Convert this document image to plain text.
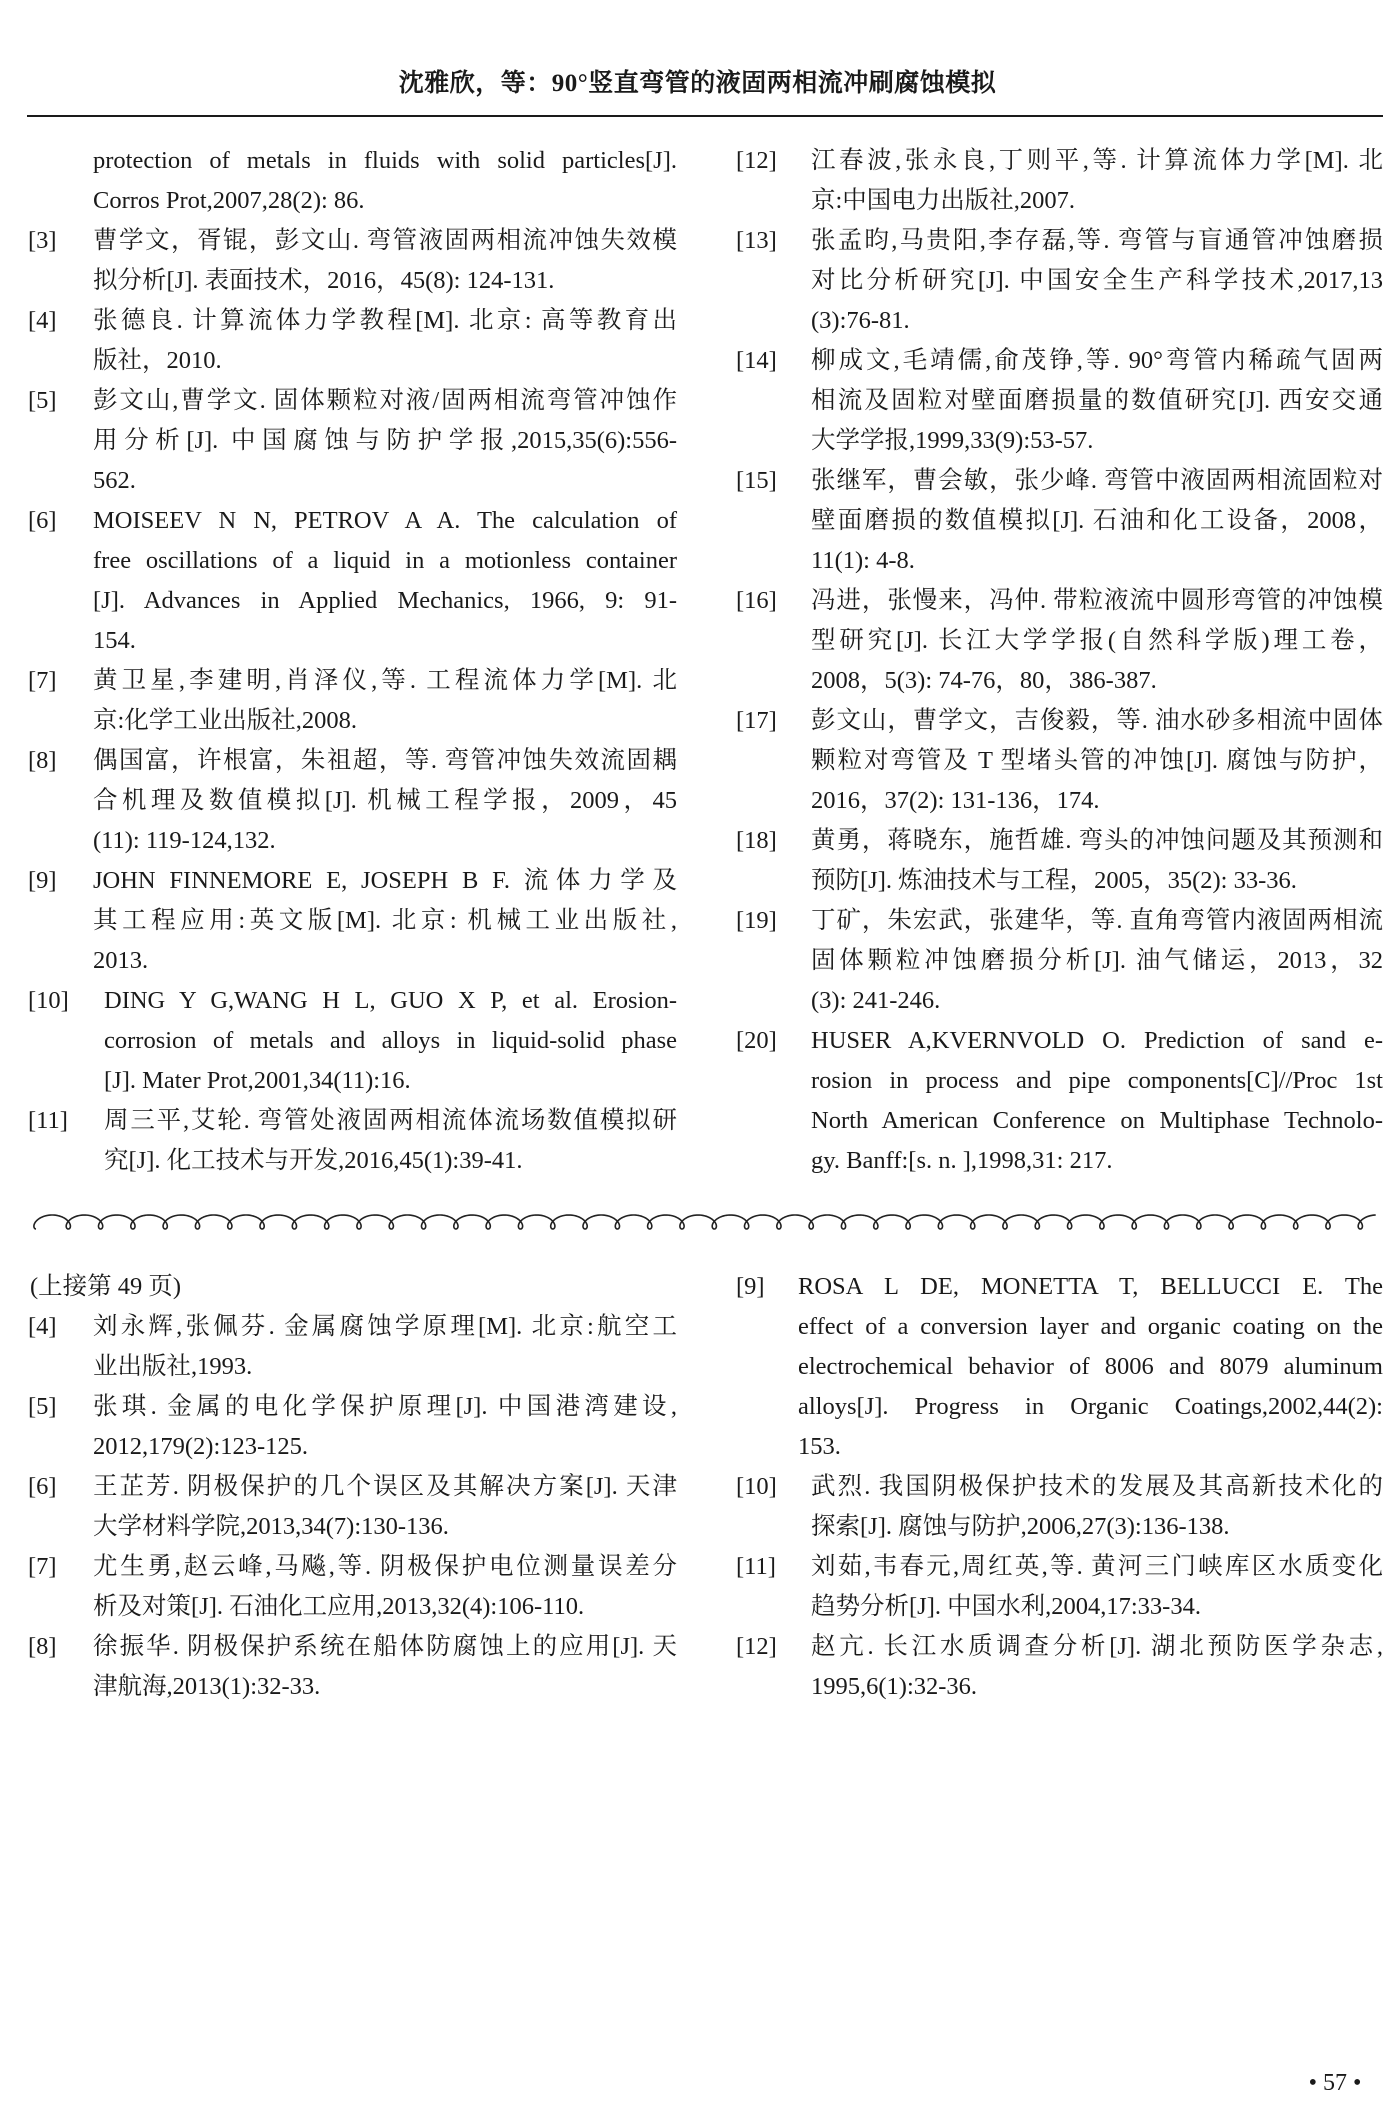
沈雅欣，等：90°竖直弯管的液固两相流冲刷腐蚀模拟
protection of metals in fluids with solid particles[J].
Corros Prot,2007,28(2): 86.
[3] 曹学文，胥锟，彭文山. 弯管液固两相流冲蚀失效模
拟分析[J]. 表面技术，2016，45(8): 124-131.
[4] 张德良. 计算流体力学教程[M]. 北京: 高等教育出
版社，2010.
[5] 彭文山,曹学文. 固体颗粒对液/固两相流弯管冲蚀作
用分析[J]. 中国腐蚀与防护学报,2015,35(6):556-
562.
[6] MOISEEV N N, PETROV A A. The calculation of
free oscillations of a liquid in a motionless container
[J]. Advances in Applied Mechanics, 1966, 9: 91-
154.
[7] 黄卫星,李建明,肖泽仪,等. 工程流体力学[M]. 北
京:化学工业出版社,2008.
[8] 偶国富，许根富，朱祖超，等. 弯管冲蚀失效流固耦
合机理及数值模拟[J]. 机械工程学报，2009，45
(11): 119-124,132.
[9] JOHN FINNEMORE E, JOSEPH B F. 流体力学及
其工程应用:英文版[M]. 北京: 机械工业出版社,
2013.
[10] DING Y G,WANG H L, GUO X P, et al. Erosion-
corrosion of metals and alloys in liquid-solid phase
[J]. Mater Prot,2001,34(11):16.
[11] 周三平,艾轮. 弯管处液固两相流体流场数值模拟研
究[J]. 化工技术与开发,2016,45(1):39-41.
[12] 江春波,张永良,丁则平,等. 计算流体力学[M]. 北
京:中国电力出版社,2007.
[13] 张孟昀,马贵阳,李存磊,等. 弯管与盲通管冲蚀磨损
对比分析研究[J]. 中国安全生产科学技术,2017,13
(3):76-81.
[14] 柳成文,毛靖儒,俞茂铮,等. 90°弯管内稀疏气固两
相流及固粒对壁面磨损量的数值研究[J]. 西安交通
大学学报,1999,33(9):53-57.
[15] 张继军，曹会敏，张少峰. 弯管中液固两相流固粒对
壁面磨损的数值模拟[J]. 石油和化工设备，2008，
11(1): 4-8.
[16] 冯进，张慢来，冯仲. 带粒液流中圆形弯管的冲蚀模
型研究[J]. 长江大学学报(自然科学版)理工卷，
2008，5(3): 74-76，80，386-387.
[17] 彭文山，曹学文，吉俊毅，等. 油水砂多相流中固体
颗粒对弯管及 T 型堵头管的冲蚀[J]. 腐蚀与防护，
2016，37(2): 131-136，174.
[18] 黄勇，蒋晓东，施哲雄. 弯头的冲蚀问题及其预测和
预防[J]. 炼油技术与工程，2005，35(2): 33-36.
[19] 丁矿，朱宏武，张建华，等. 直角弯管内液固两相流
固体颗粒冲蚀磨损分析[J]. 油气储运，2013，32
(3): 241-246.
[20] HUSER A,KVERNVOLD O. Prediction of sand e-
rosion in process and pipe components[C]//Proc 1st
North American Conference on Multiphase Technolo-
gy. Banff:[s. n. ],1998,31: 217.
(上接第 49 页)
[4] 刘永辉,张佩芬. 金属腐蚀学原理[M]. 北京:航空工
业出版社,1993.
[5] 张琪. 金属的电化学保护原理[J]. 中国港湾建设,
2012,179(2):123-125.
[6] 王芷芳. 阴极保护的几个误区及其解决方案[J]. 天津
大学材料学院,2013,34(7):130-136.
[7] 尤生勇,赵云峰,马飚,等. 阴极保护电位测量误差分
析及对策[J]. 石油化工应用,2013,32(4):106-110.
[8] 徐振华. 阴极保护系统在船体防腐蚀上的应用[J]. 天
津航海,2013(1):32-33.
[9] ROSA L DE, MONETTA T, BELLUCCI E. The
effect of a conversion layer and organic coating on the
electrochemical behavior of 8006 and 8079 aluminum
alloys[J]. Progress in Organic Coatings,2002,44(2):
153.
[10] 武烈. 我国阴极保护技术的发展及其高新技术化的
探索[J]. 腐蚀与防护,2006,27(3):136-138.
[11] 刘茹,韦春元,周红英,等. 黄河三门峡库区水质变化
趋势分析[J]. 中国水利,2004,17:33-34.
[12] 赵亢. 长江水质调查分析[J]. 湖北预防医学杂志,
1995,6(1):32-36.
• 57 •
